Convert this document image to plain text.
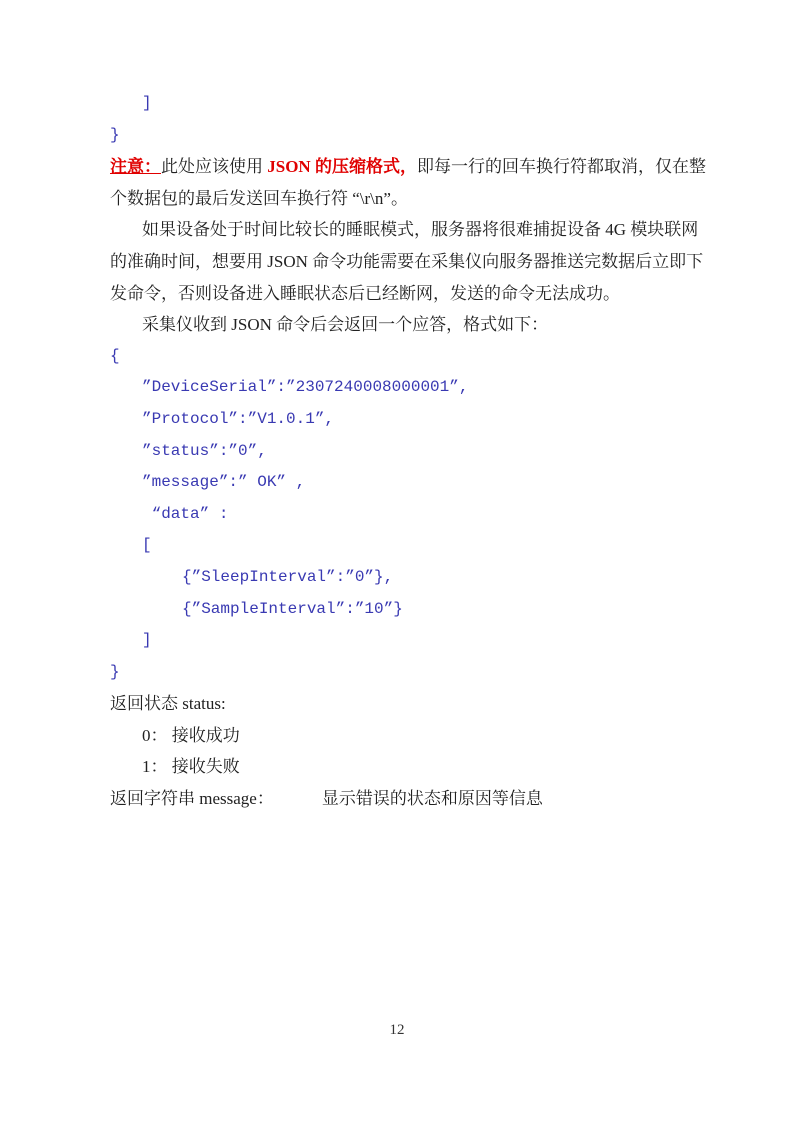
]
}
注意：此处应该使用 JSON 的压缩格式，即每一行的回车换行符都取消，仅在整
个数据包的最后发送回车换行符 “\r\n”。
如果设备处于时间比较长的睡眠模式，服务器将很难捕捉设备 4G 模块联网
的准确时间，想要用 JSON 命令功能需要在采集仪向服务器推送完数据后立即下
发命令，否则设备进入睡眠状态后已经断网，发送的命令无法成功。
采集仪收到 JSON 命令后会返回一个应答，格式如下：
{
”DeviceSerial”:”2307240008000001”,
”Protocol”:”V1.0.1”,
”status”:”0”,
”message”:” OK” ,
“data” :
[
{”SleepInterval”:”0”},
{”SampleInterval”:”10”}
]
}
返回状态 status:
0： 接收成功
1： 接收失败
返回字符串 message：	显示错误的状态和原因等信息
12
